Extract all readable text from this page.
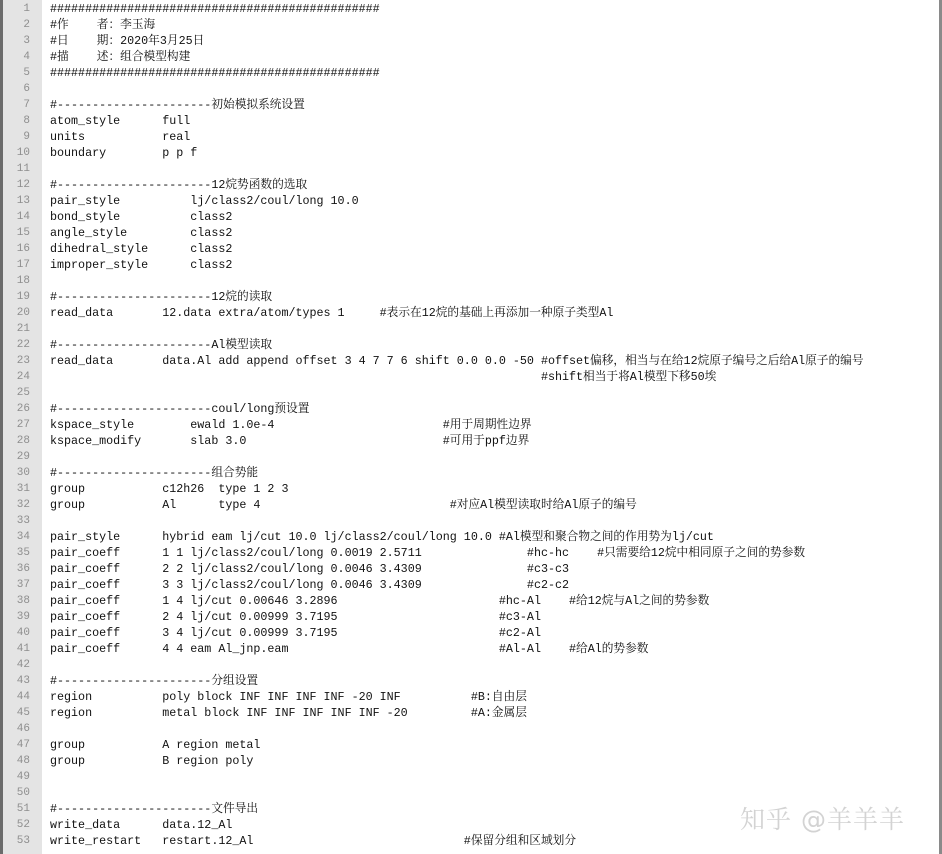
1 ###############################################
2 #作    者：李玉海
3 #日    期：2020年3月25日
4 #描    述：组合模型构建
5 ###############################################
6
7 #----------------------初始模拟系统设置
8 atom_style      full
9 units           real
10 boundary        p p f
11
12 #----------------------12烷势函数的选取
13 pair_style          lj/class2/coul/long 10.0
14 bond_style          class2
15 angle_style         class2
16 dihedral_style      class2
17 improper_style      class2
18
19 #----------------------12烷的读取
20 read_data       12.data extra/atom/types 1     #表示在12烷的基础上再添加一种原子类型Al
21
22 #----------------------Al模型读取
23 read_data       data.Al add append offset 3 4 7 7 6 shift 0.0 0.0 -50 #offset偏移，相当与在给12烷原子编号之后给Al原子的编号
24 #shift相当于将Al模型下移50埃
25
26 #----------------------coul/long预设置
27 kspace_style        ewald 1.0e-4                        #用于周期性边界
28 kspace_modify       slab 3.0                            #可用于ppf边界
29
30 #----------------------组合势能
31 group           c12h26  type 1 2 3
32 group           Al      type 4                           #对应Al模型读取时给Al原子的编号
33
34 pair_style      hybrid eam lj/cut 10.0 lj/class2/coul/long 10.0 #Al模型和聚合物之间的作用势为lj/cut
35 pair_coeff      1 1 lj/class2/coul/long 0.0019 2.5711               #hc-hc    #只需要给12烷中相同原子之间的势参数
36 pair_coeff      2 2 lj/class2/coul/long 0.0046 3.4309               #c3-c3
37 pair_coeff      3 3 lj/class2/coul/long 0.0046 3.4309               #c2-c2
38 pair_coeff      1 4 lj/cut 0.00646 3.2896                       #hc-Al    #给12烷与Al之间的势参数
39 pair_coeff      2 4 lj/cut 0.00999 3.7195                       #c3-Al
40 pair_coeff      3 4 lj/cut 0.00999 3.7195                       #c2-Al
41 pair_coeff      4 4 eam Al_jnp.eam                              #Al-Al    #给Al的势参数
42
43 #----------------------分组设置
44 region          poly block INF INF INF INF -20 INF          #B:自由层
45 region          metal block INF INF INF INF INF -20         #A:金属层
46
47 group           A region metal
48 group           B region poly
49
50
51 #----------------------文件导出
52 write_data      data.12_Al
53 write_restart   restart.12_Al                              #保留分组和区域划分
知乎 @羊羊羊
